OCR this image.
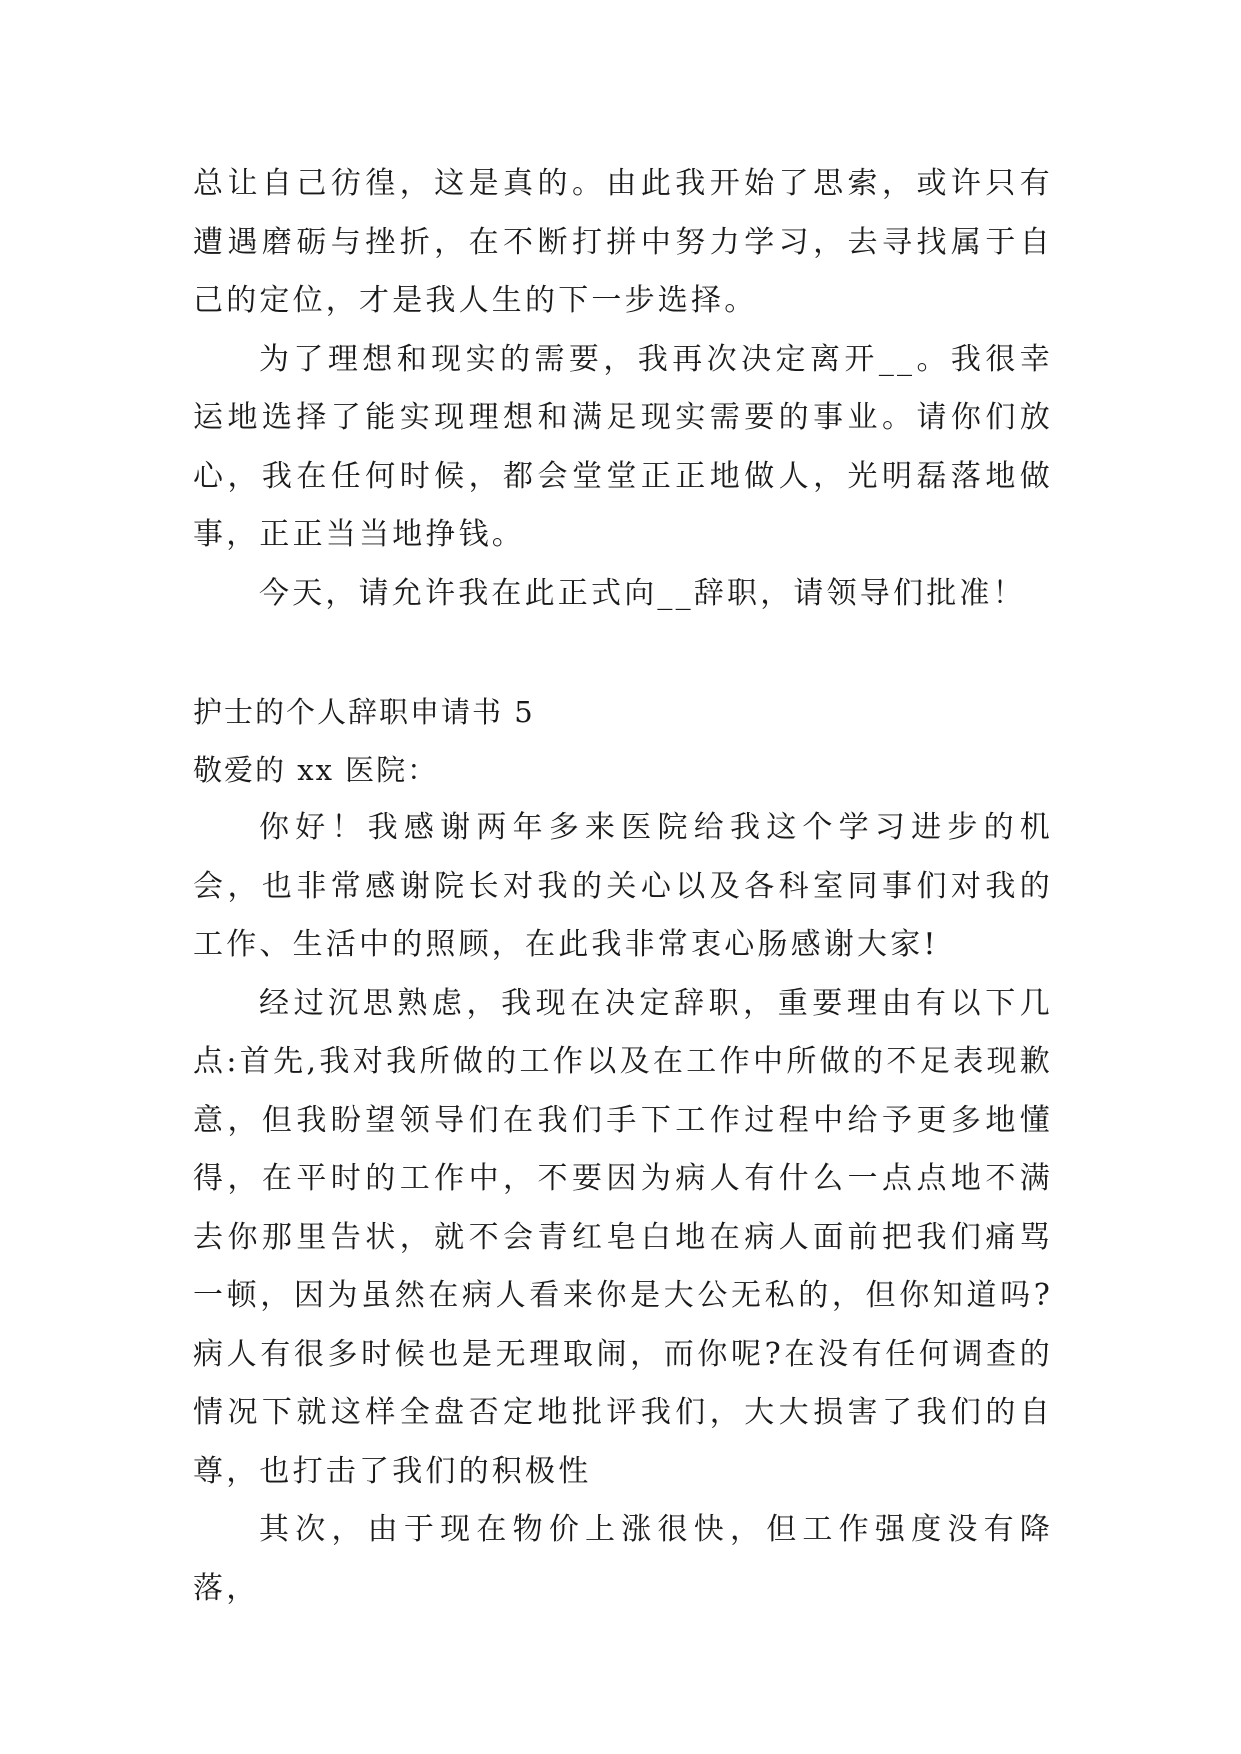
总让自己彷徨，这是真的。由此我开始了思索，或许只有遭遇磨砺与挫折，在不断打拼中努力学习，去寻找属于自己的定位，才是我人生的下一步选择。

为了理想和现实的需要，我再次决定离开__。我很幸运地选择了能实现理想和满足现实需要的事业。请你们放心，我在任何时候，都会堂堂正正地做人，光明磊落地做事，正正当当地挣钱。

今天，请允许我在此正式向__辞职，请领导们批准！

护士的个人辞职申请书 5

敬爱的 xx 医院：

你好！我感谢两年多来医院给我这个学习进步的机会，也非常感谢院长对我的关心以及各科室同事们对我的工作、生活中的照顾，在此我非常衷心肠感谢大家!

经过沉思熟虑，我现在决定辞职，重要理由有以下几点:首先,我对我所做的工作以及在工作中所做的不足表现歉意，但我盼望领导们在我们手下工作过程中给予更多地懂得，在平时的工作中，不要因为病人有什么一点点地不满去你那里告状，就不会青红皂白地在病人面前把我们痛骂一顿，因为虽然在病人看来你是大公无私的，但你知道吗?病人有很多时候也是无理取闹，而你呢?在没有任何调查的情况下就这样全盘否定地批评我们，大大损害了我们的自尊，也打击了我们的积极性

其次，由于现在物价上涨很快，但工作强度没有降落，
